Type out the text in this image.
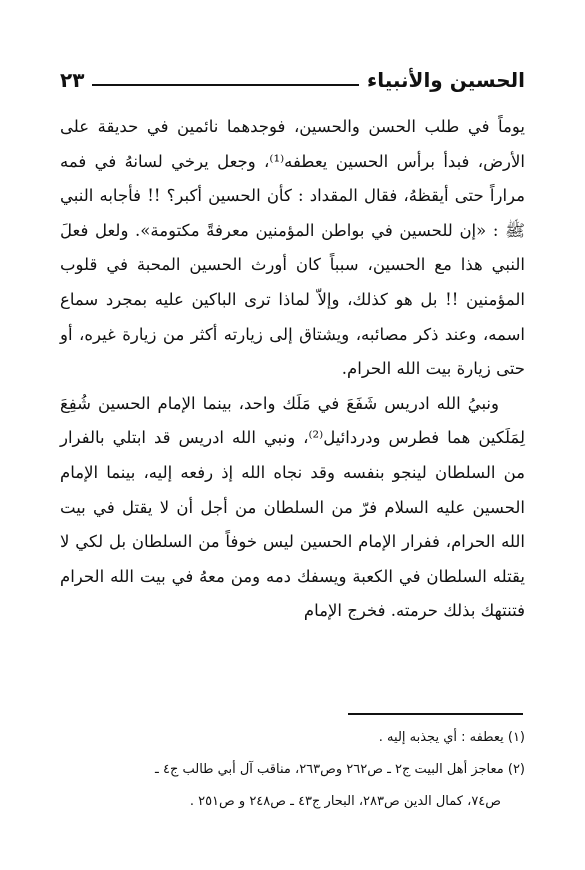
الحسين والأنبياء
٢٣

يوماً في طلب الحسن والحسين، فوجدهما نائمين في حديقة على الأرض، فبدأ برأس الحسين يعطفه⁽¹⁾، وجعل يرخي لسانهُ في فمه مراراً حتى أيقظهُ، فقال المقداد : كأن الحسين أكبر؟ !! فأجابه النبي ﷺ : «إن للحسين في بواطن المؤمنين معرفةً مكتومة». ولعل فعلَ النبي هذا مع الحسين، سبباً كان أورث الحسين المحبة في قلوب المؤمنين !! بل هو كذلك، وإلاّ لماذا ترى الباكين عليه بمجرد سماع اسمه، وعند ذكر مصائبه، ويشتاق إلى زيارته أكثر من زيارة غيره، أو حتى زيارة بيت الله الحرام.

ونبيُ الله ادريس شَفَعَ في مَلَك واحد، بينما الإمام الحسين شُفِعَ لِمَلَكين هما فطرس ودردائيل⁽²⁾، ونبي الله ادريس قد ابتلي بالفرار من السلطان لينجو بنفسه وقد نجاه الله إذ رفعه إليه، بينما الإمام الحسين عليه السلام فرّ من السلطان من أجل أن لا يقتل في بيت الله الحرام، ففرار الإمام الحسين ليس خوفاً من السلطان بل لكي لا يقتله السلطان في الكعبة ويسفك دمه ومن معهُ في بيت الله الحرام فتنتهك بذلك حرمته. فخرج الإمام

(١) يعطفه : أي يجذبه إليه .

(٢) معاجز أهل البيت ج٢ ـ ص٢٦٢ وص٢٦٣، مناقب آل أبي طالب ج٤ ـ

ص٧٤، كمال الدين ص٢٨٣، البحار ج٤٣ ـ ص٢٤٨ و ص٢٥١ .
